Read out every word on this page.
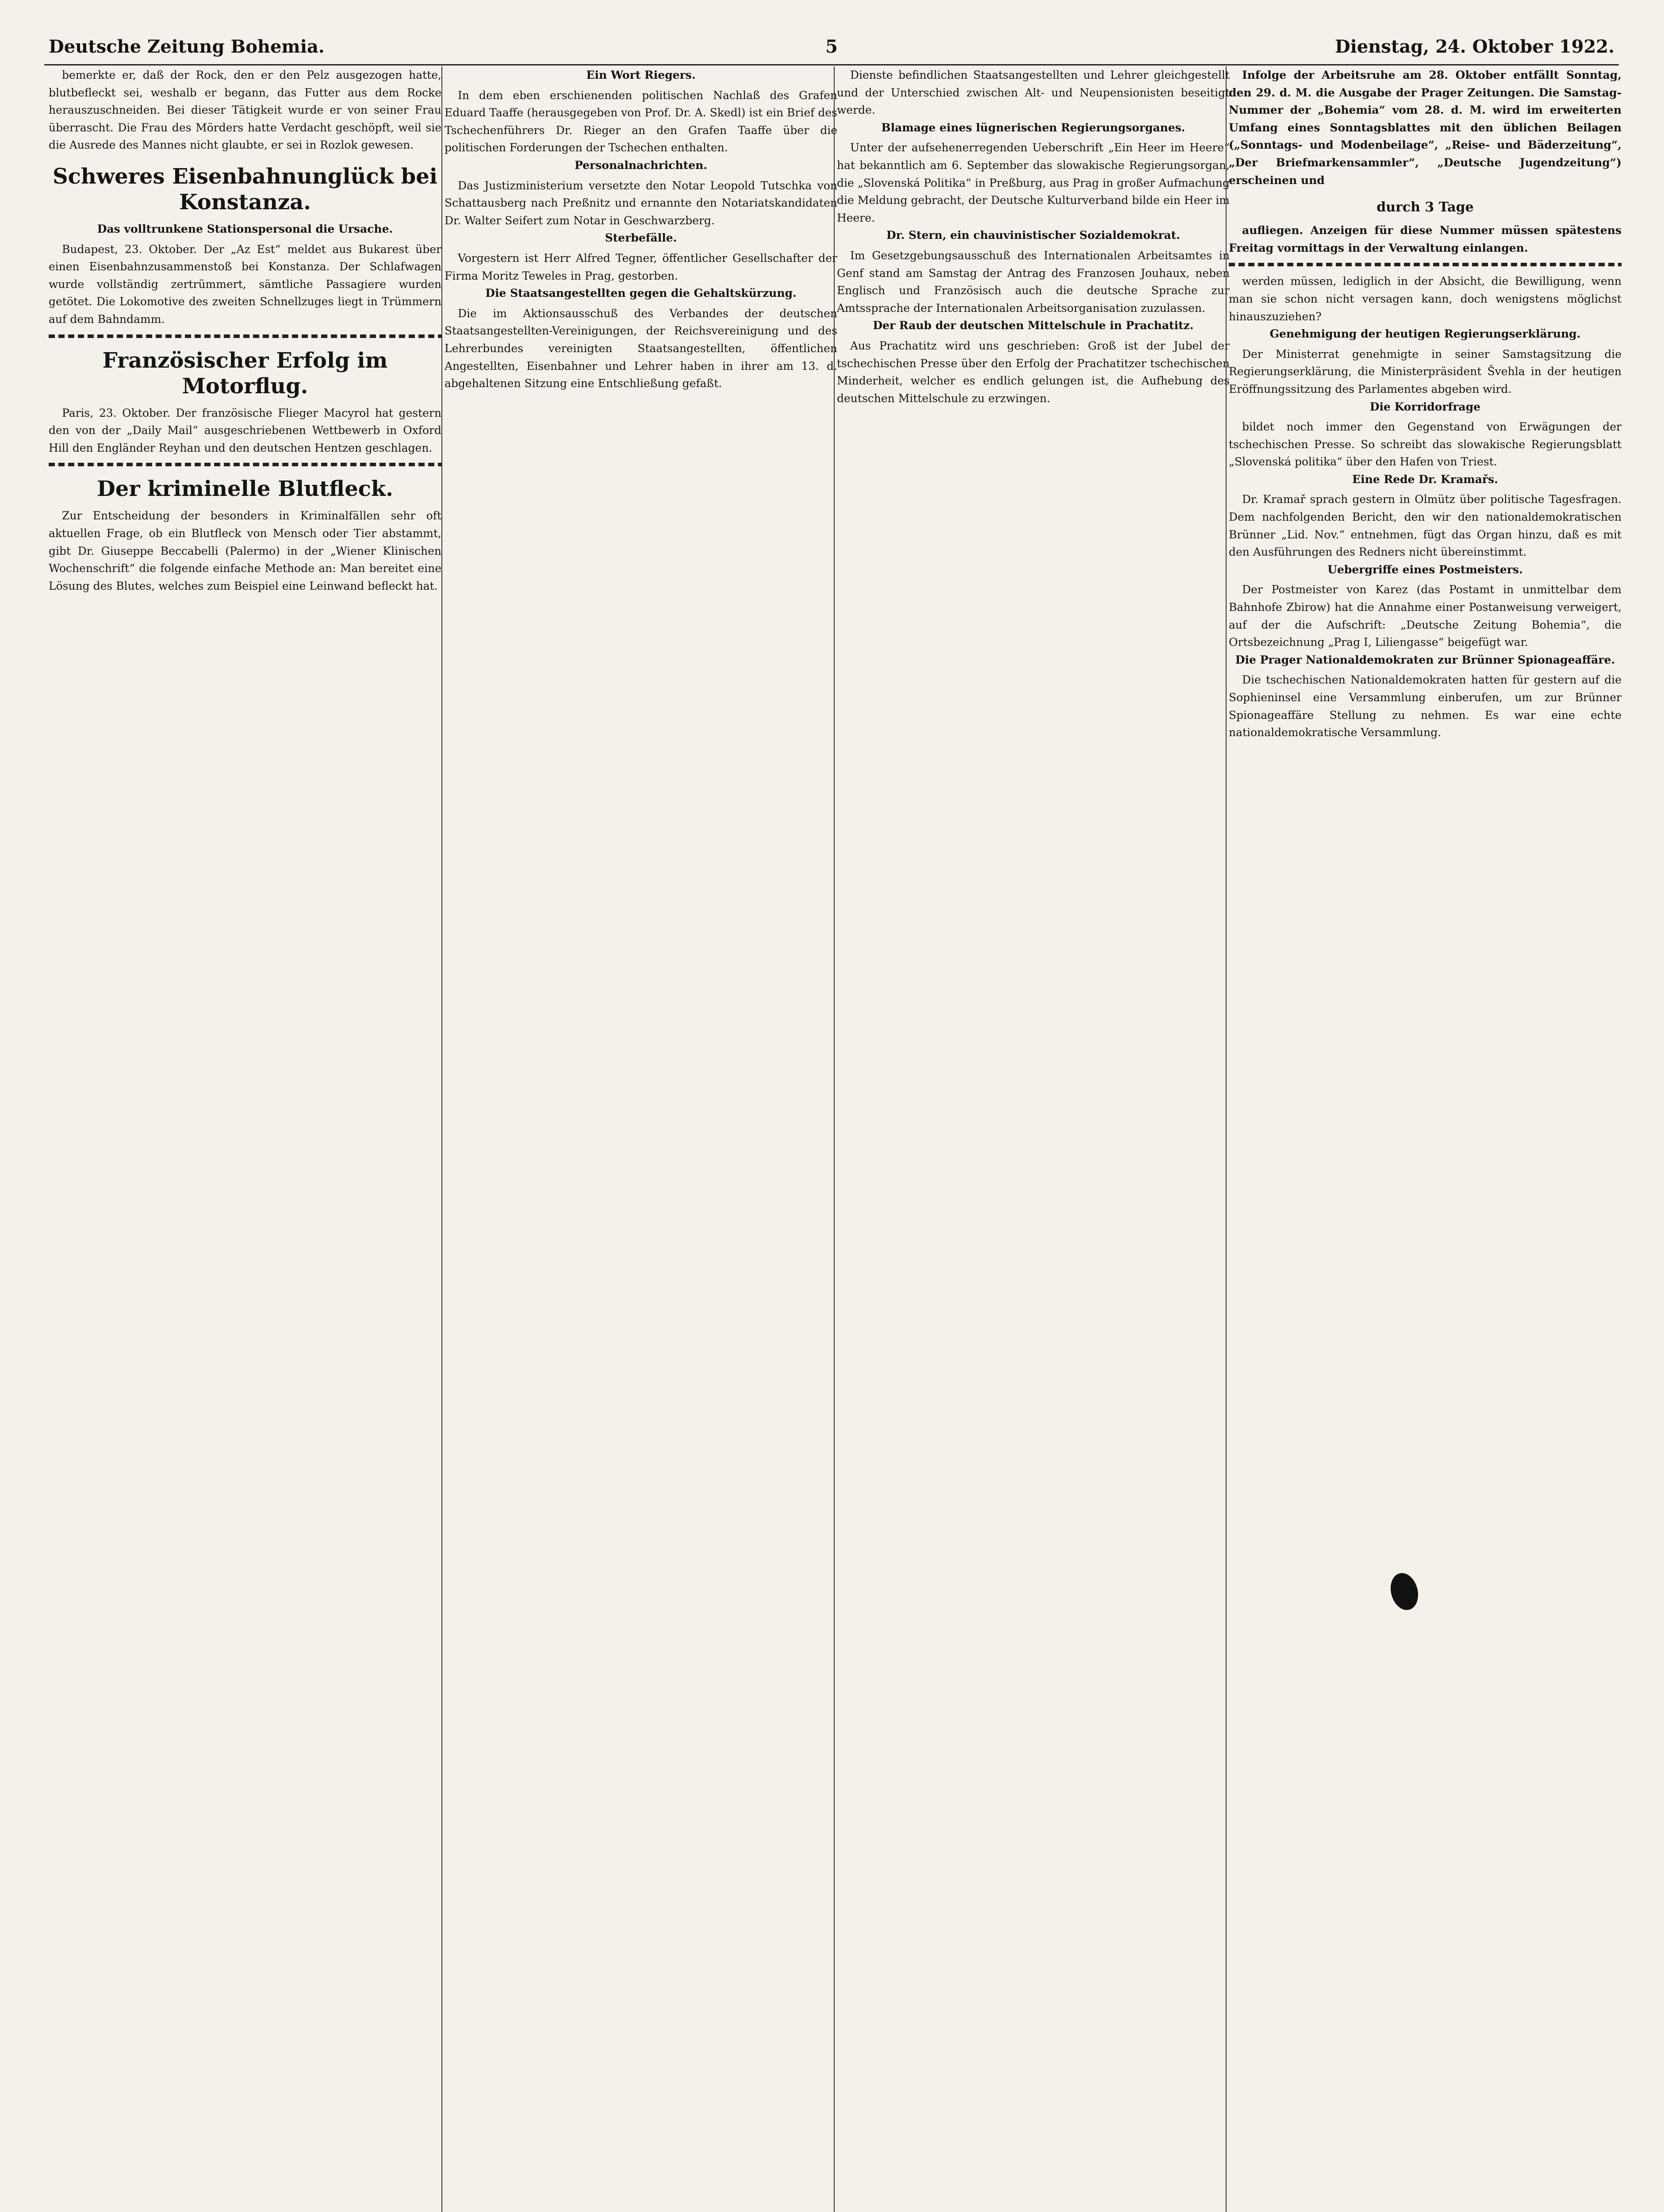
Deutsche Zeitung Bohemia.	5	Dienstag, 24. Oktober 1922.

bemerkte er, daß der Rock, den er den Pelz ausgezogen hatte, blutbefleckt sei, weshalb er begann, das Futter aus dem Rocke herauszuschneiden. Bei dieser Tätigkeit wurde er von seiner Frau überrascht. Die Frau des Mörders hatte Verdacht geschöpft, weil sie die Ausrede des Mannes nicht glaubte, er sei in Rozlok gewesen.

Schweres Eisenbahnunglück bei Konstanza.
Das volltrunkene Stationspersonal die Ursache.

Budapest, 23. Oktober. Der „Az Est“ meldet aus Bukarest über einen Eisenbahnzusammenstoß bei Konstanza. Der Schlafwagen wurde vollständig zertrümmert, sämtliche Passagiere wurden getötet. Die Lokomotive des zweiten Schnellzuges liegt in Trümmern auf dem Bahndamm.

Französischer Erfolg im Motorflug.

Paris, 23. Oktober. Der französische Flieger Macyrol hat gestern den von der „Daily Mail“ ausgeschriebenen Wettbewerb in Oxford Hill den Engländer Reyhan und den deutschen Hentzen geschlagen.

Der kriminelle Blutfleck.

Zur Entscheidung der besonders in Kriminalfällen sehr oft aktuellen Frage, ob ein Blutfleck von Mensch oder Tier abstammt, gibt Dr. Giuseppe Beccabelli (Palermo) in der „Wiener Klinischen Wochenschrift“ die folgende einfache Methode an: Man bereitet eine Lösung des Blutes, welches zum Beispiel eine Leinwand befleckt hat.

Ein Wort Riegers.

In dem eben erschienenden politischen Nachlaß des Grafen Eduard Taaffe (herausgegeben von Prof. Dr. A. Skedl) ist ein Brief des Tschechenführers Dr. Rieger an den Grafen Taaffe über die politischen Forderungen der Tschechen enthalten.

Personalnachrichten.

Das Justizministerium versetzte den Notar Leopold Tutschka von Schattausberg nach Preßnitz und ernannte den Notariatskandidaten Dr. Walter Seifert zum Notar in Geschwarzberg.

Sterbefälle.

Vorgestern ist Herr Alfred Tegner, öffentlicher Gesellschafter der Firma Moritz Teweles in Prag, gestorben.

Die Staatsangestellten gegen die Gehaltskürzung.

Die im Aktionsausschuß des Verbandes der deutschen Staatsangestellten-Vereinigungen, der Reichsvereinigung und des Lehrerbundes vereinigten Staatsangestellten, öffentlichen Angestellten, Eisenbahner und Lehrer haben in ihrer am 13. d. abgehaltenen Sitzung eine Entschließung gefaßt.

Dienste befindlichen Staatsangestellten und Lehrer gleichgestellt und der Unterschied zwischen Alt- und Neupensionisten beseitigt werde.

Blamage eines lügnerischen Regierungsorganes.

Unter der aufsehenerregenden Ueberschrift „Ein Heer im Heere“ hat bekanntlich am 6. September das slowakische Regierungsorgan, die „Slovenská Politika“ in Preßburg, aus Prag in großer Aufmachung die Meldung gebracht, der Deutsche Kulturverband bilde ein Heer im Heere.

Dr. Stern, ein chauvinistischer Sozialdemokrat.

Im Gesetzgebungsausschuß des Internationalen Arbeitsamtes in Genf stand am Samstag der Antrag des Franzosen Jouhaux, neben Englisch und Französisch auch die deutsche Sprache zur Amtssprache der Internationalen Arbeitsorganisation zuzulassen.

Der Raub der deutschen Mittelschule in Prachatitz.

Aus Prachatitz wird uns geschrieben: Groß ist der Jubel der tschechischen Presse über den Erfolg der Prachatitzer tschechischen Minderheit, welcher es endlich gelungen ist, die Aufhebung des deutschen Mittelschule zu erzwingen.

Infolge der Arbeitsruhe am 28. Oktober entfällt Sonntag, den 29. d. M. die Ausgabe der Prager Zeitungen. Die Samstag-Nummer der „Bohemia“ vom 28. d. M. wird im erweiterten Umfang eines Sonntagsblattes mit den üblichen Beilagen („Sonntags- und Modenbeilage“, „Reise- und Bäderzeitung“, „Der Briefmarkensammler“, „Deutsche Jugendzeitung“) erscheinen und

durch 3 Tage

aufliegen. Anzeigen für diese Nummer müssen spätestens Freitag vormittags in der Verwaltung einlangen.

werden müssen, lediglich in der Absicht, die Bewilligung, wenn man sie schon nicht versagen kann, doch wenigstens möglichst hinauszuziehen?

Genehmigung der heutigen Regierungserklärung.

Der Ministerrat genehmigte in seiner Samstagsitzung die Regierungserklärung, die Ministerpräsident Švehla in der heutigen Eröffnungssitzung des Parlamentes abgeben wird.

Die Korridorfrage

bildet noch immer den Gegenstand von Erwägungen der tschechischen Presse. So schreibt das slowakische Regierungsblatt „Slovenská politika“ über den Hafen von Triest.

Eine Rede Dr. Kramařs.

Dr. Kramař sprach gestern in Olmütz über politische Tagesfragen. Dem nachfolgenden Bericht, den wir den nationaldemokratischen Brünner „Lid. Nov.“ entnehmen, fügt das Organ hinzu, daß es mit den Ausführungen des Redners nicht übereinstimmt.

Uebergriffe eines Postmeisters.

Der Postmeister von Karez (das Postamt in unmittelbar dem Bahnhofe Zbirow) hat die Annahme einer Postanweisung verweigert, auf der die Aufschrift: „Deutsche Zeitung Bohemia“, die Ortsbezeichnung „Prag I, Liliengasse“ beigefügt war.

Die Prager Nationaldemokraten zur Brünner Spionageaffäre.

Die tschechischen Nationaldemokraten hatten für gestern auf die Sophieninsel eine Versammlung einberufen, um zur Brünner Spionageaffäre Stellung zu nehmen. Es war eine echte nationaldemokratische Versammlung.
